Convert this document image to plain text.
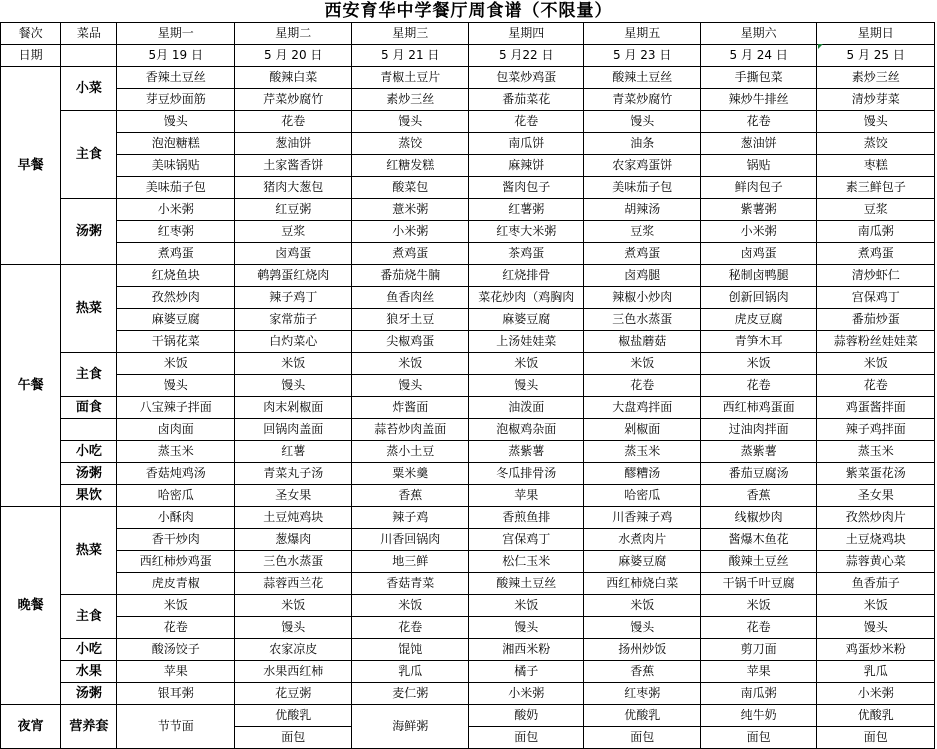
西安育华中学餐厅周食谱（不限量）
餐次	菜品	星期一	星期二	星期三	星期四	星期五	星期六	星期日
日期		5月 19 日	5 月 20 日	5 月 21 日	5 月22 日	5 月 23 日	5 月 24 日	5 月 25 日
早餐	小菜	香辣土豆丝	酸辣白菜	青椒土豆片	包菜炒鸡蛋	酸辣土豆丝	手撕包菜	素炒三丝
		芽豆炒面筋	芹菜炒腐竹	素炒三丝	番茄菜花	青菜炒腐竹	辣炒牛排丝	清炒芽菜
	主食	馒头	花卷	馒头	花卷	馒头	花卷	馒头
		泡泡糖糕	葱油饼	蒸饺	南瓜饼	油条	葱油饼	蒸饺
		美味锅贴	土家酱香饼	红糖发糕	麻辣饼	农家鸡蛋饼	锅贴	枣糕
		美味茄子包	猪肉大葱包	酸菜包	酱肉包子	美味茄子包	鲜肉包子	素三鲜包子
	汤粥	小米粥	红豆粥	薏米粥	红薯粥	胡辣汤	紫薯粥	豆浆
		红枣粥	豆浆	小米粥	红枣大米粥	豆浆	小米粥	南瓜粥
		煮鸡蛋	卤鸡蛋	煮鸡蛋	茶鸡蛋	煮鸡蛋	卤鸡蛋	煮鸡蛋
午餐	热菜	红烧鱼块	鹌鹑蛋红烧肉	番茄烧牛腩	红烧排骨	卤鸡腿	秘制卤鸭腿	清炒虾仁
		孜然炒肉	辣子鸡丁	鱼香肉丝	菜花炒肉（鸡胸肉	辣椒小炒肉	创新回锅肉	宫保鸡丁
		麻婆豆腐	家常茄子	狼牙土豆	麻婆豆腐	三色水蒸蛋	虎皮豆腐	番茄炒蛋
		干锅花菜	白灼菜心	尖椒鸡蛋	上汤娃娃菜	椒盐蘑菇	青笋木耳	蒜蓉粉丝娃娃菜
	主食	米饭	米饭	米饭	米饭	米饭	米饭	米饭
		馒头	馒头	馒头	馒头	花卷	花卷	花卷
	面食	八宝辣子拌面	肉末剁椒面	炸酱面	油泼面	大盘鸡拌面	西红柿鸡蛋面	鸡蛋酱拌面
		卤肉面	回锅肉盖面	蒜苔炒肉盖面	泡椒鸡杂面	剁椒面	过油肉拌面	辣子鸡拌面
	小吃	蒸玉米	红薯	蒸小土豆	蒸紫薯	蒸玉米	蒸紫薯	蒸玉米
	汤粥	香菇炖鸡汤	青菜丸子汤	粟米羹	冬瓜排骨汤	醪糟汤	番茄豆腐汤	紫菜蛋花汤
	果饮	哈密瓜	圣女果	香蕉	苹果	哈密瓜	香蕉	圣女果
晚餐	热菜	小酥肉	土豆炖鸡块	辣子鸡	香煎鱼排	川香辣子鸡	线椒炒肉	孜然炒肉片
		香干炒肉	葱爆肉	川香回锅肉	宫保鸡丁	水煮肉片	酱爆木鱼花	土豆烧鸡块
		西红柿炒鸡蛋	三色水蒸蛋	地三鲜	松仁玉米	麻婆豆腐	酸辣土豆丝	蒜蓉黄心菜
		虎皮青椒	蒜蓉西兰花	香菇青菜	酸辣土豆丝	西红柿烧白菜	干锅千叶豆腐	鱼香茄子
	主食	米饭	米饭	米饭	米饭	米饭	米饭	米饭
		花卷	馒头	花卷	馒头	馒头	花卷	馒头
	小吃	酸汤饺子	农家凉皮	馄饨	湘西米粉	扬州炒饭	剪刀面	鸡蛋炒米粉
	水果	苹果	水果西红柿	乳瓜	橘子	香蕉	苹果	乳瓜
	汤粥	银耳粥	花豆粥	麦仁粥	小米粥	红枣粥	南瓜粥	小米粥
夜宵	营养套	节节面	优酸乳	海鲜粥	酸奶	优酸乳	纯牛奶	优酸乳
			面包		面包	面包	面包	面包
